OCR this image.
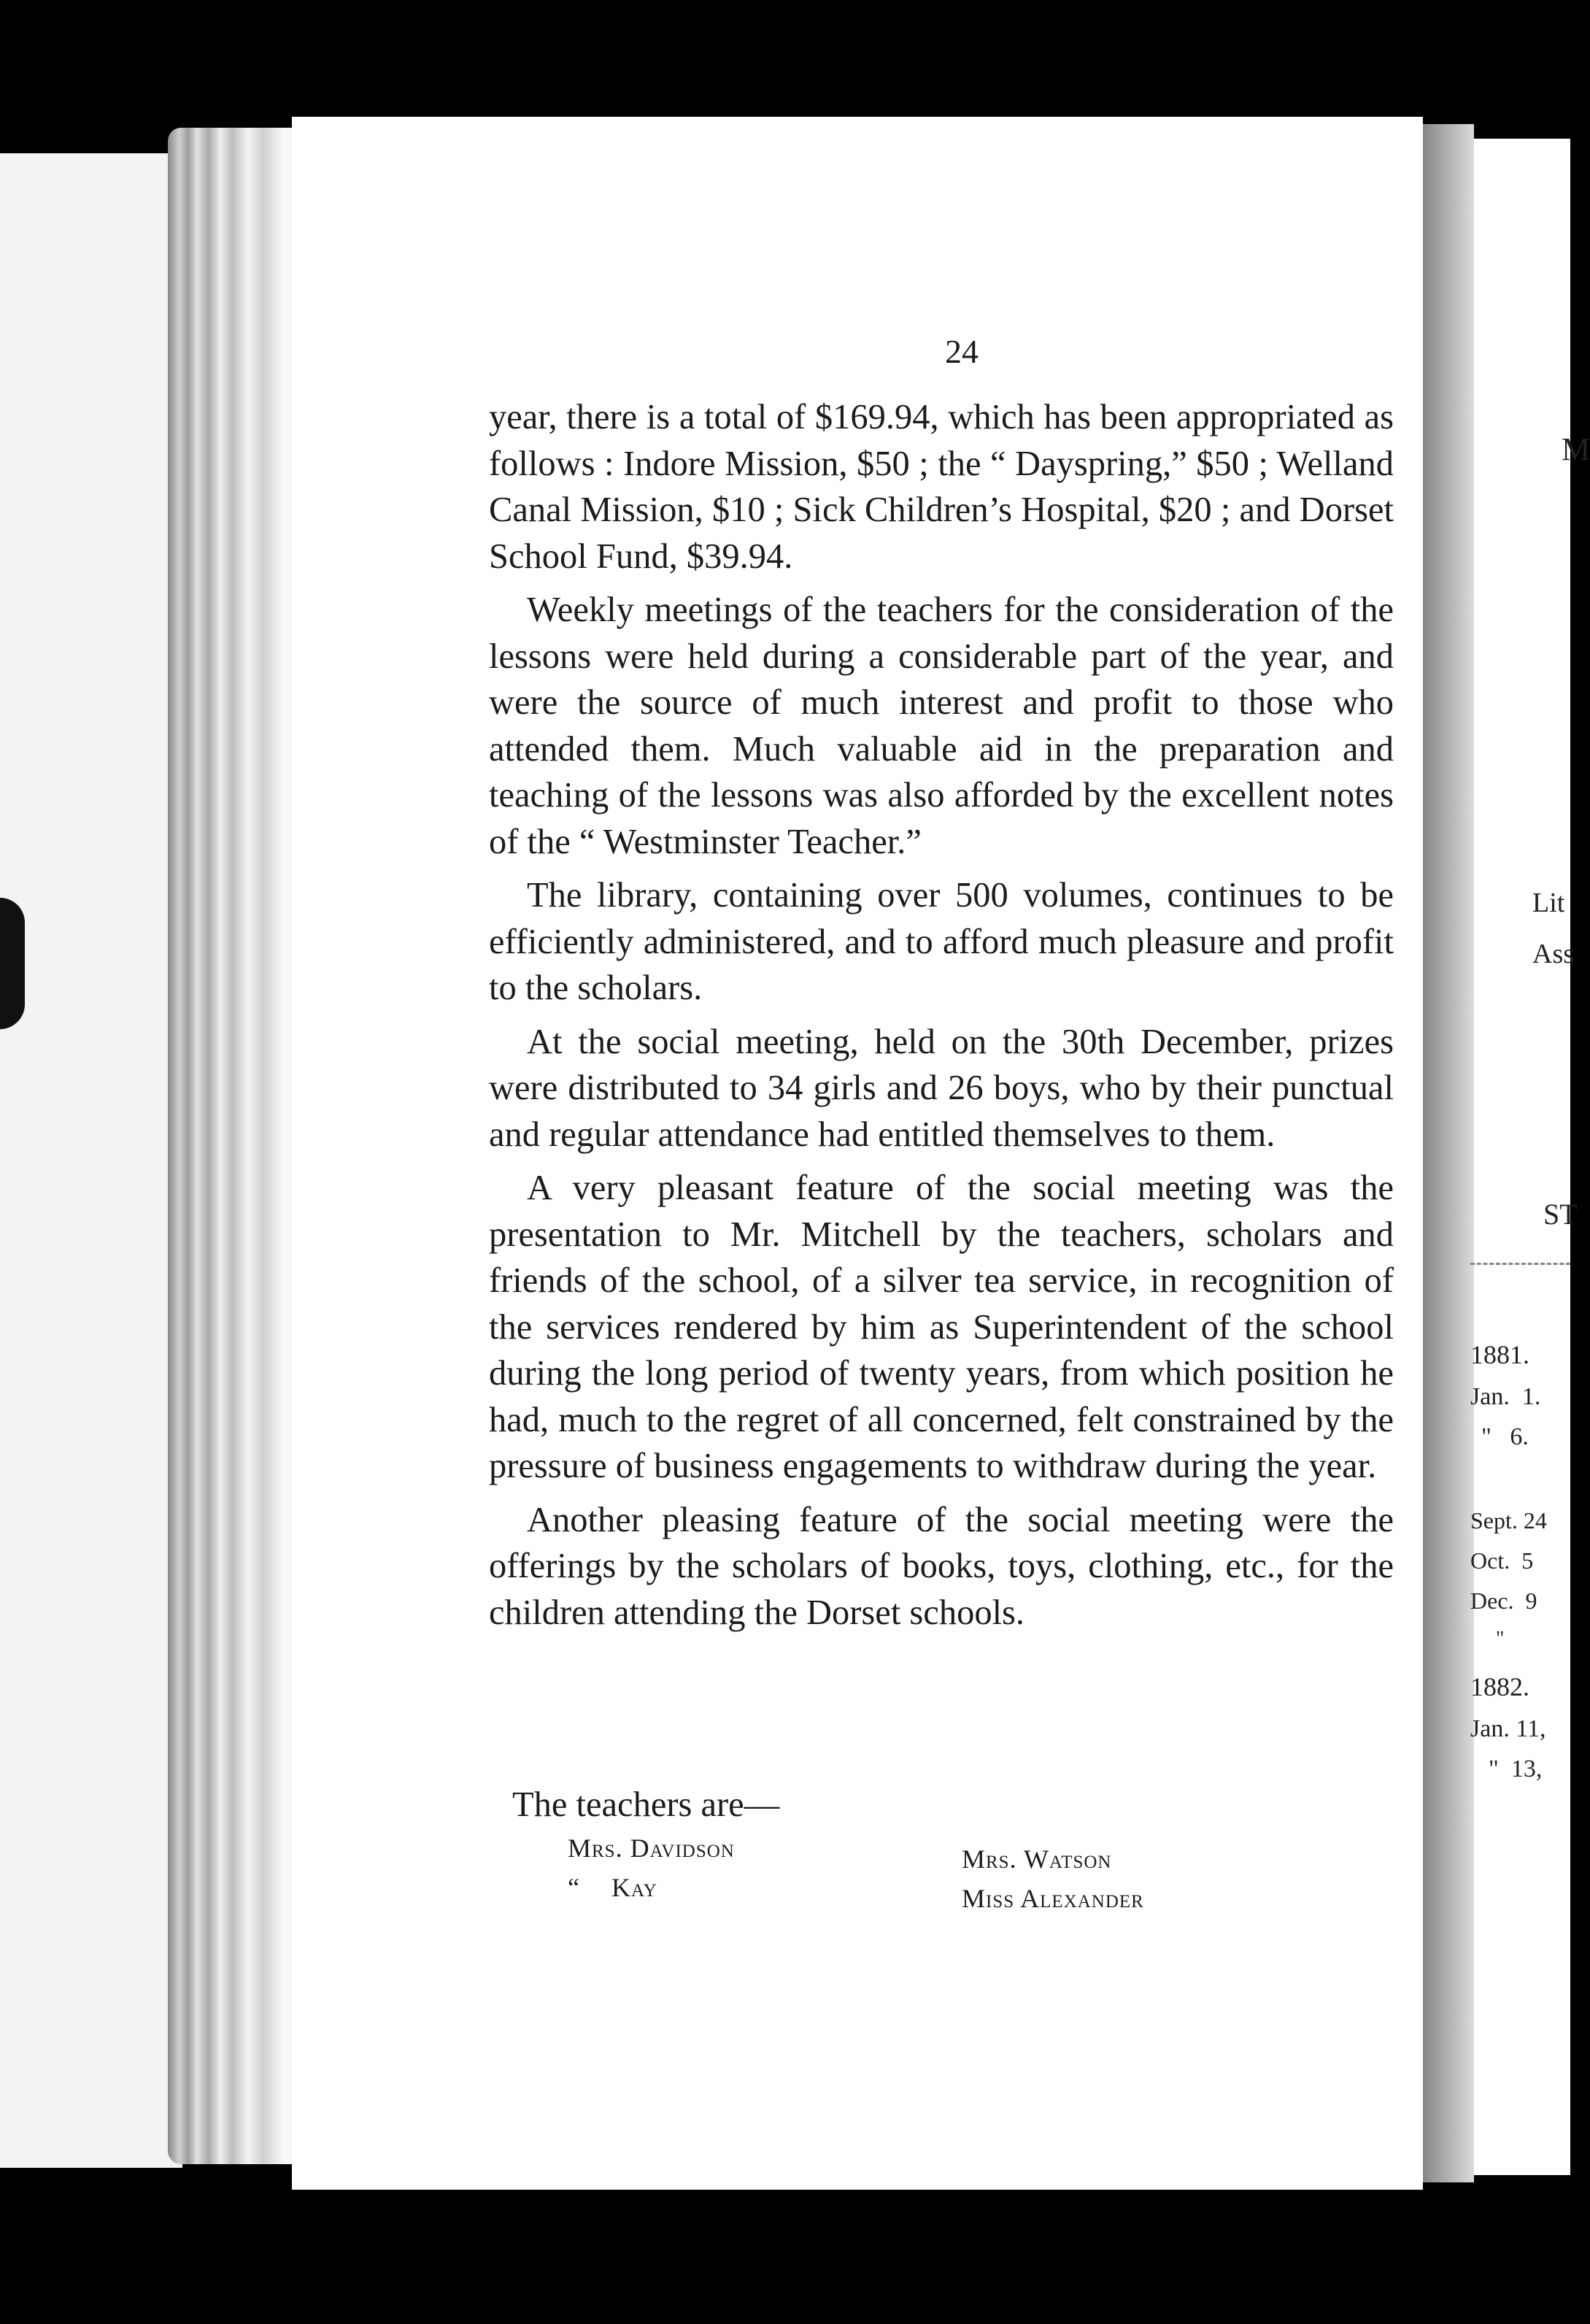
24

year, there is a total of $169.94, which has been appropriated as follows : Indore Mission, $50 ; the “ Dayspring,” $50 ; Welland Canal Mission, $10 ; Sick Children’s Hospital, $20 ; and Dorset School Fund, $39.94.

Weekly meetings of the teachers for the consideration of the lessons were held during a considerable part of the year, and were the source of much interest and profit to those who attended them. Much valuable aid in the preparation and teaching of the lessons was also afforded by the excellent notes of the “ Westminster Teacher.”

The library, containing over 500 volumes, continues to be efficiently administered, and to afford much pleasure and profit to the scholars.

At the social meeting, held on the 30th December, prizes were distributed to 34 girls and 26 boys, who by their punctual and regular attendance had entitled themselves to them.

A very pleasant feature of the social meeting was the presentation to Mr. Mitchell by the teachers, scholars and friends of the school, of a silver tea service, in recognition of the services rendered by him as Superintendent of the school during the long period of twenty years, from which position he had, much to the regret of all concerned, felt constrained by the pressure of business engagements to withdraw during the year.

Another pleasing feature of the social meeting were the offerings by the scholars of books, toys, clothing, etc., for the children attending the Dorset schools.

The teachers are—
Mrs. Davidson
“ Kay
Mrs. Watson
Miss Alexander
M
Lit
Ass
ST
1881.
Jan.  1.
"   6.
Sept. 24
Oct.  5
Dec.  9
"
1882.
Jan. 11,
"  13,
